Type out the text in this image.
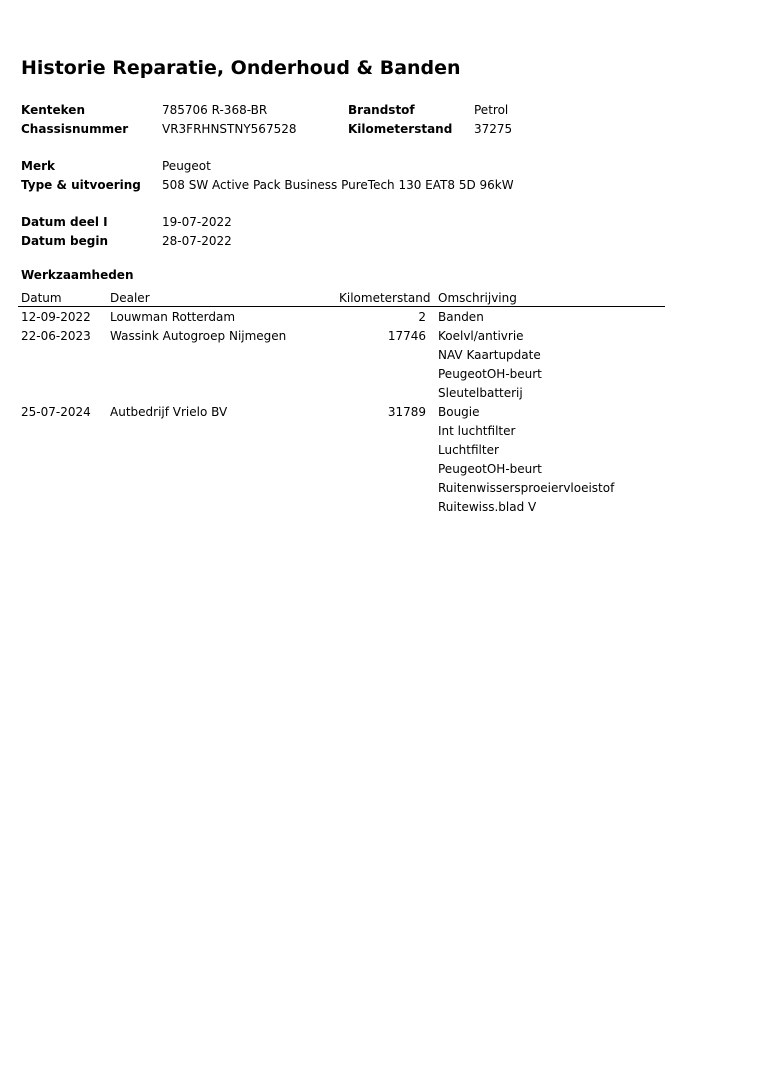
Historie Reparatie, Onderhoud & Banden
Kenteken	785706 R-368-BR	Brandstof	Petrol
Chassisnummer	VR3FRHNSTNY567528	Kilometerstand 37275
Merk	Peugeot
Type & uitvoering 508 SW Active Pack Business PureTech 130 EAT8 5D 96kW
Datum deel I	19-07-2022
Datum begin	28-07-2022
Werkzaamheden
Datum	Dealer	Kilometerstand Omschrijving
12-09-2022 Louwman Rotterdam	2 Banden
22-06-2023 Wassink Autogroep Nijmegen	17746 Koelvl/antivrie
NAV Kaartupdate
PeugeotOH-beurt
Sleutelbatterij
25-07-2024 Autbedrijf Vrielo BV	31789 Bougie
Int luchtfilter
Luchtfilter
PeugeotOH-beurt
Ruitenwissersproeiervloeistof
Ruitewiss.blad V
